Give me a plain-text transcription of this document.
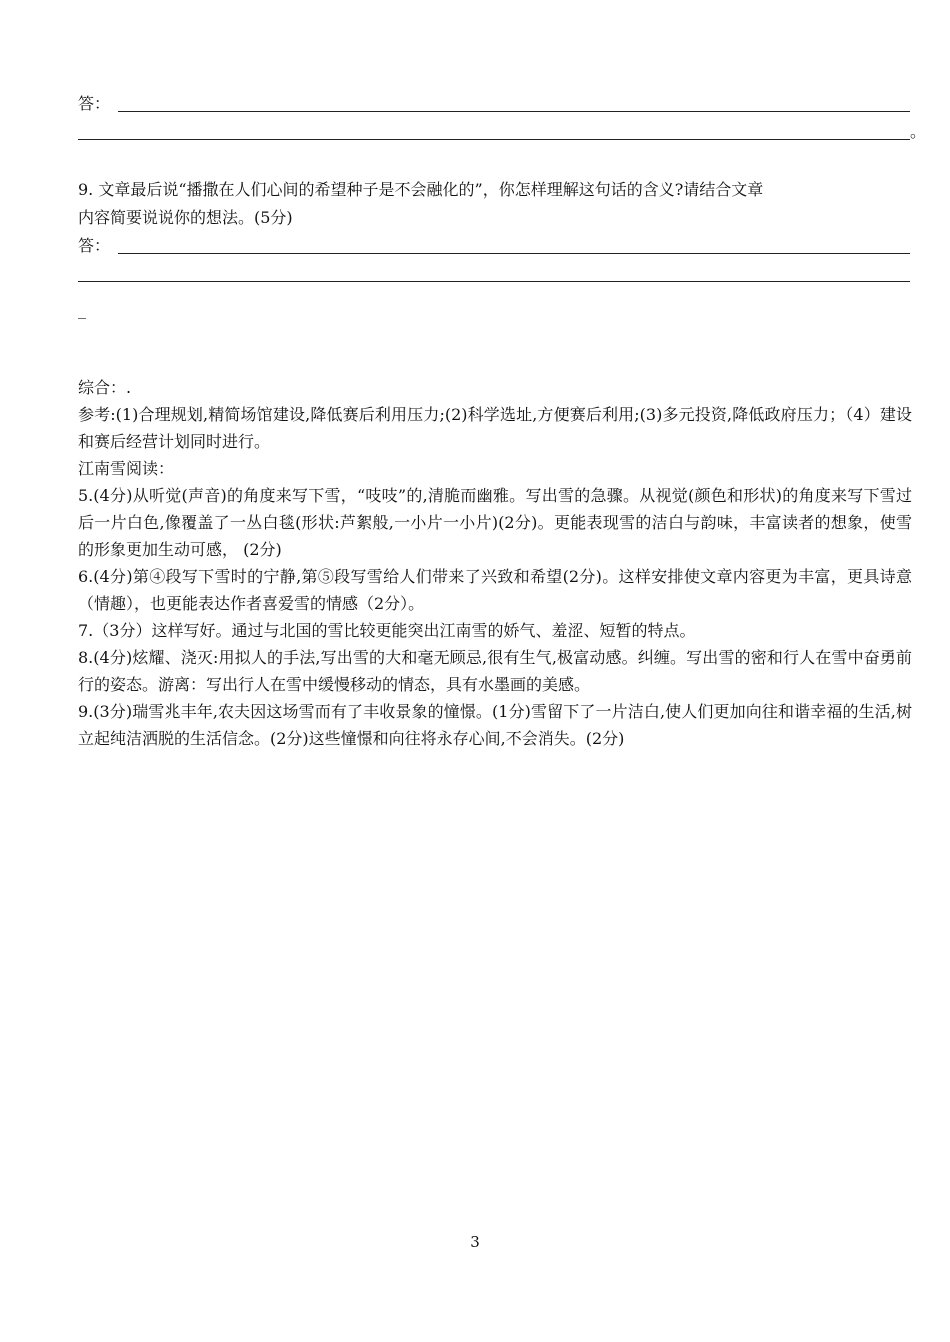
答：
。
9. 文章最后说“播撒在人们心间的希望种子是不会融化的”，你怎样理解这句话的含义?请结合文章
内容简要说说你的想法。(5分)
答：
_
综合：.
参考:(1)合理规划,精简场馆建设,降低赛后利用压力;(2)科学选址,方便赛后利用;(3)多元投资,降低政府压力；（4）建设和赛后经营计划同时进行。
江南雪阅读：
5.(4分)从听觉(声音)的角度来写下雪，“吱吱”的,清脆而幽雅。写出雪的急骤。从视觉(颜色和形状)的角度来写下雪过后一片白色,像覆盖了一丛白毯(形状:芦絮般,一小片一小片)(2分)。更能表现雪的洁白与韵味，丰富读者的想象，使雪的形象更加生动可感， (2分)
6.(4分)第④段写下雪时的宁静,第⑤段写雪给人们带来了兴致和希望(2分)。这样安排使文章内容更为丰富，更具诗意（情趣），也更能表达作者喜爱雪的情感（2分）。
7.（3分）这样写好。通过与北国的雪比较更能突出江南雪的娇气、羞涩、短暂的特点。
8.(4分)炫耀、浇灭:用拟人的手法,写出雪的大和毫无顾忌,很有生气,极富动感。纠缠。写出雪的密和行人在雪中奋勇前行的姿态。游离：写出行人在雪中缓慢移动的情态，具有水墨画的美感。
9.(3分)瑞雪兆丰年,农夫因这场雪而有了丰收景象的憧憬。(1分)雪留下了一片洁白,使人们更加向往和谐幸福的生活,树立起纯洁洒脱的生活信念。(2分)这些憧憬和向往将永存心间,不会消失。(2分)
3
